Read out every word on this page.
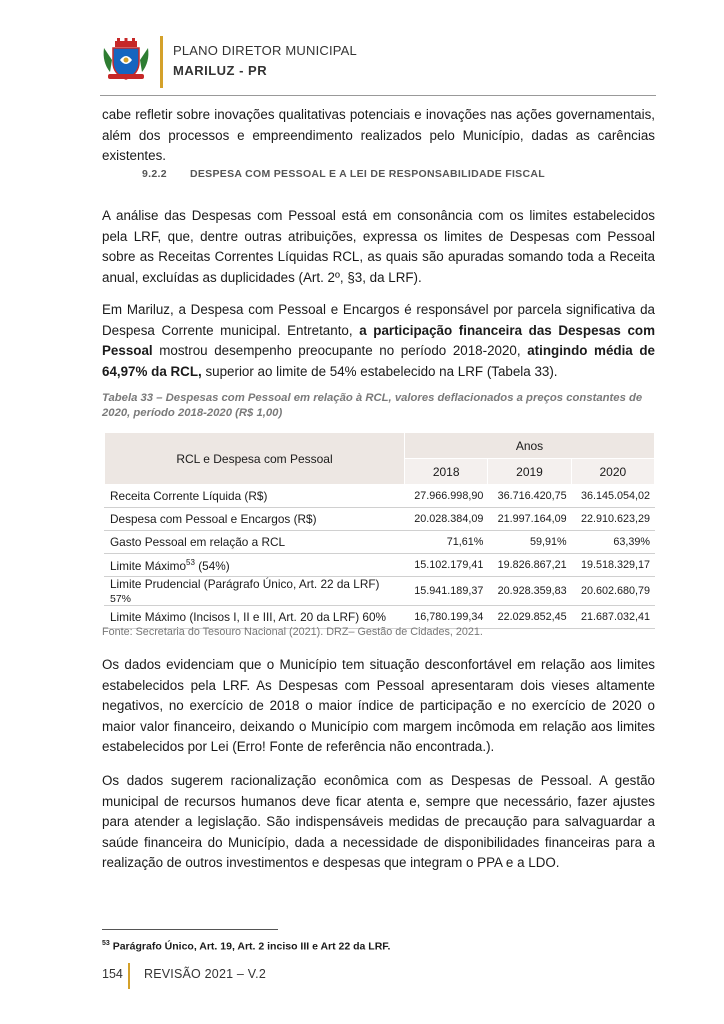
PLANO DIRETOR MUNICIPAL
MARILUZ - PR

cabe refletir sobre inovações qualitativas potenciais e inovações nas ações governamentais, além dos processos e empreendimento realizados pelo Município, dadas as carências existentes.

9.2.2 DESPESA COM PESSOAL E A LEI DE RESPONSABILIDADE FISCAL

A análise das Despesas com Pessoal está em consonância com os limites estabelecidos pela LRF, que, dentre outras atribuições, expressa os limites de Despesas com Pessoal sobre as Receitas Correntes Líquidas RCL, as quais são apuradas somando toda a Receita anual, excluídas as duplicidades (Art. 2º, §3, da LRF).

Em Mariluz, a Despesa com Pessoal e Encargos é responsável por parcela significativa da Despesa Corrente municipal. Entretanto, a participação financeira das Despesas com Pessoal mostrou desempenho preocupante no período 2018-2020, atingindo média de 64,97% da RCL, superior ao limite de 54% estabelecido na LRF (Tabela 33).

Tabela 33 – Despesas com Pessoal em relação à RCL, valores deflacionados a preços constantes de 2020, período 2018-2020 (R$ 1,00)
RCL e Despesa com Pessoal	Anos		
	2018	2019	2020
Receita Corrente Líquida (R$)	27.966.998,90	36.716.420,75	36.145.054,02
Despesa com Pessoal e Encargos (R$)	20.028.384,09	21.997.164,09	22.910.623,29
Gasto Pessoal em relação a RCL	71,61%	59,91%	63,39%
Limite Máximo$^{53}$ (54%)	15.102.179,41	19.826.867,21	19.518.329,17
Limite Prudencial (Parágrafo Único, Art. 22 da LRF) 57%	15.941.189,37	20.928.359,83	20.602.680,79
Limite Máximo (Incisos I, II e III, Art. 20 da LRF) 60%	16,780.199,34	22.029.852,45	21.687.032,41
Fonte: Secretaria do Tesouro Nacional (2021). DRZ– Gestão de Cidades, 2021.

Os dados evidenciam que o Município tem situação desconfortável em relação aos limites estabelecidos pela LRF. As Despesas com Pessoal apresentaram dois vieses altamente negativos, no exercício de 2018 o maior índice de participação e no exercício de 2020 o maior valor financeiro, deixando o Município com margem incômoda em relação aos limites estabelecidos por Lei (Erro! Fonte de referência não encontrada.).

Os dados sugerem racionalização econômica com as Despesas de Pessoal. A gestão municipal de recursos humanos deve ficar atenta e, sempre que necessário, fazer ajustes para atender a legislação. São indispensáveis medidas de precaução para salvaguardar a saúde financeira do Município, dada a necessidade de disponibilidades financeiras para a realização de outros investimentos e despesas que integram o PPA e a LDO.

$^{53}$ Parágrafo Único, Art. 19, Art. 2 inciso III e Art 22 da LRF.
154 REVISÃO 2021 – V.2
